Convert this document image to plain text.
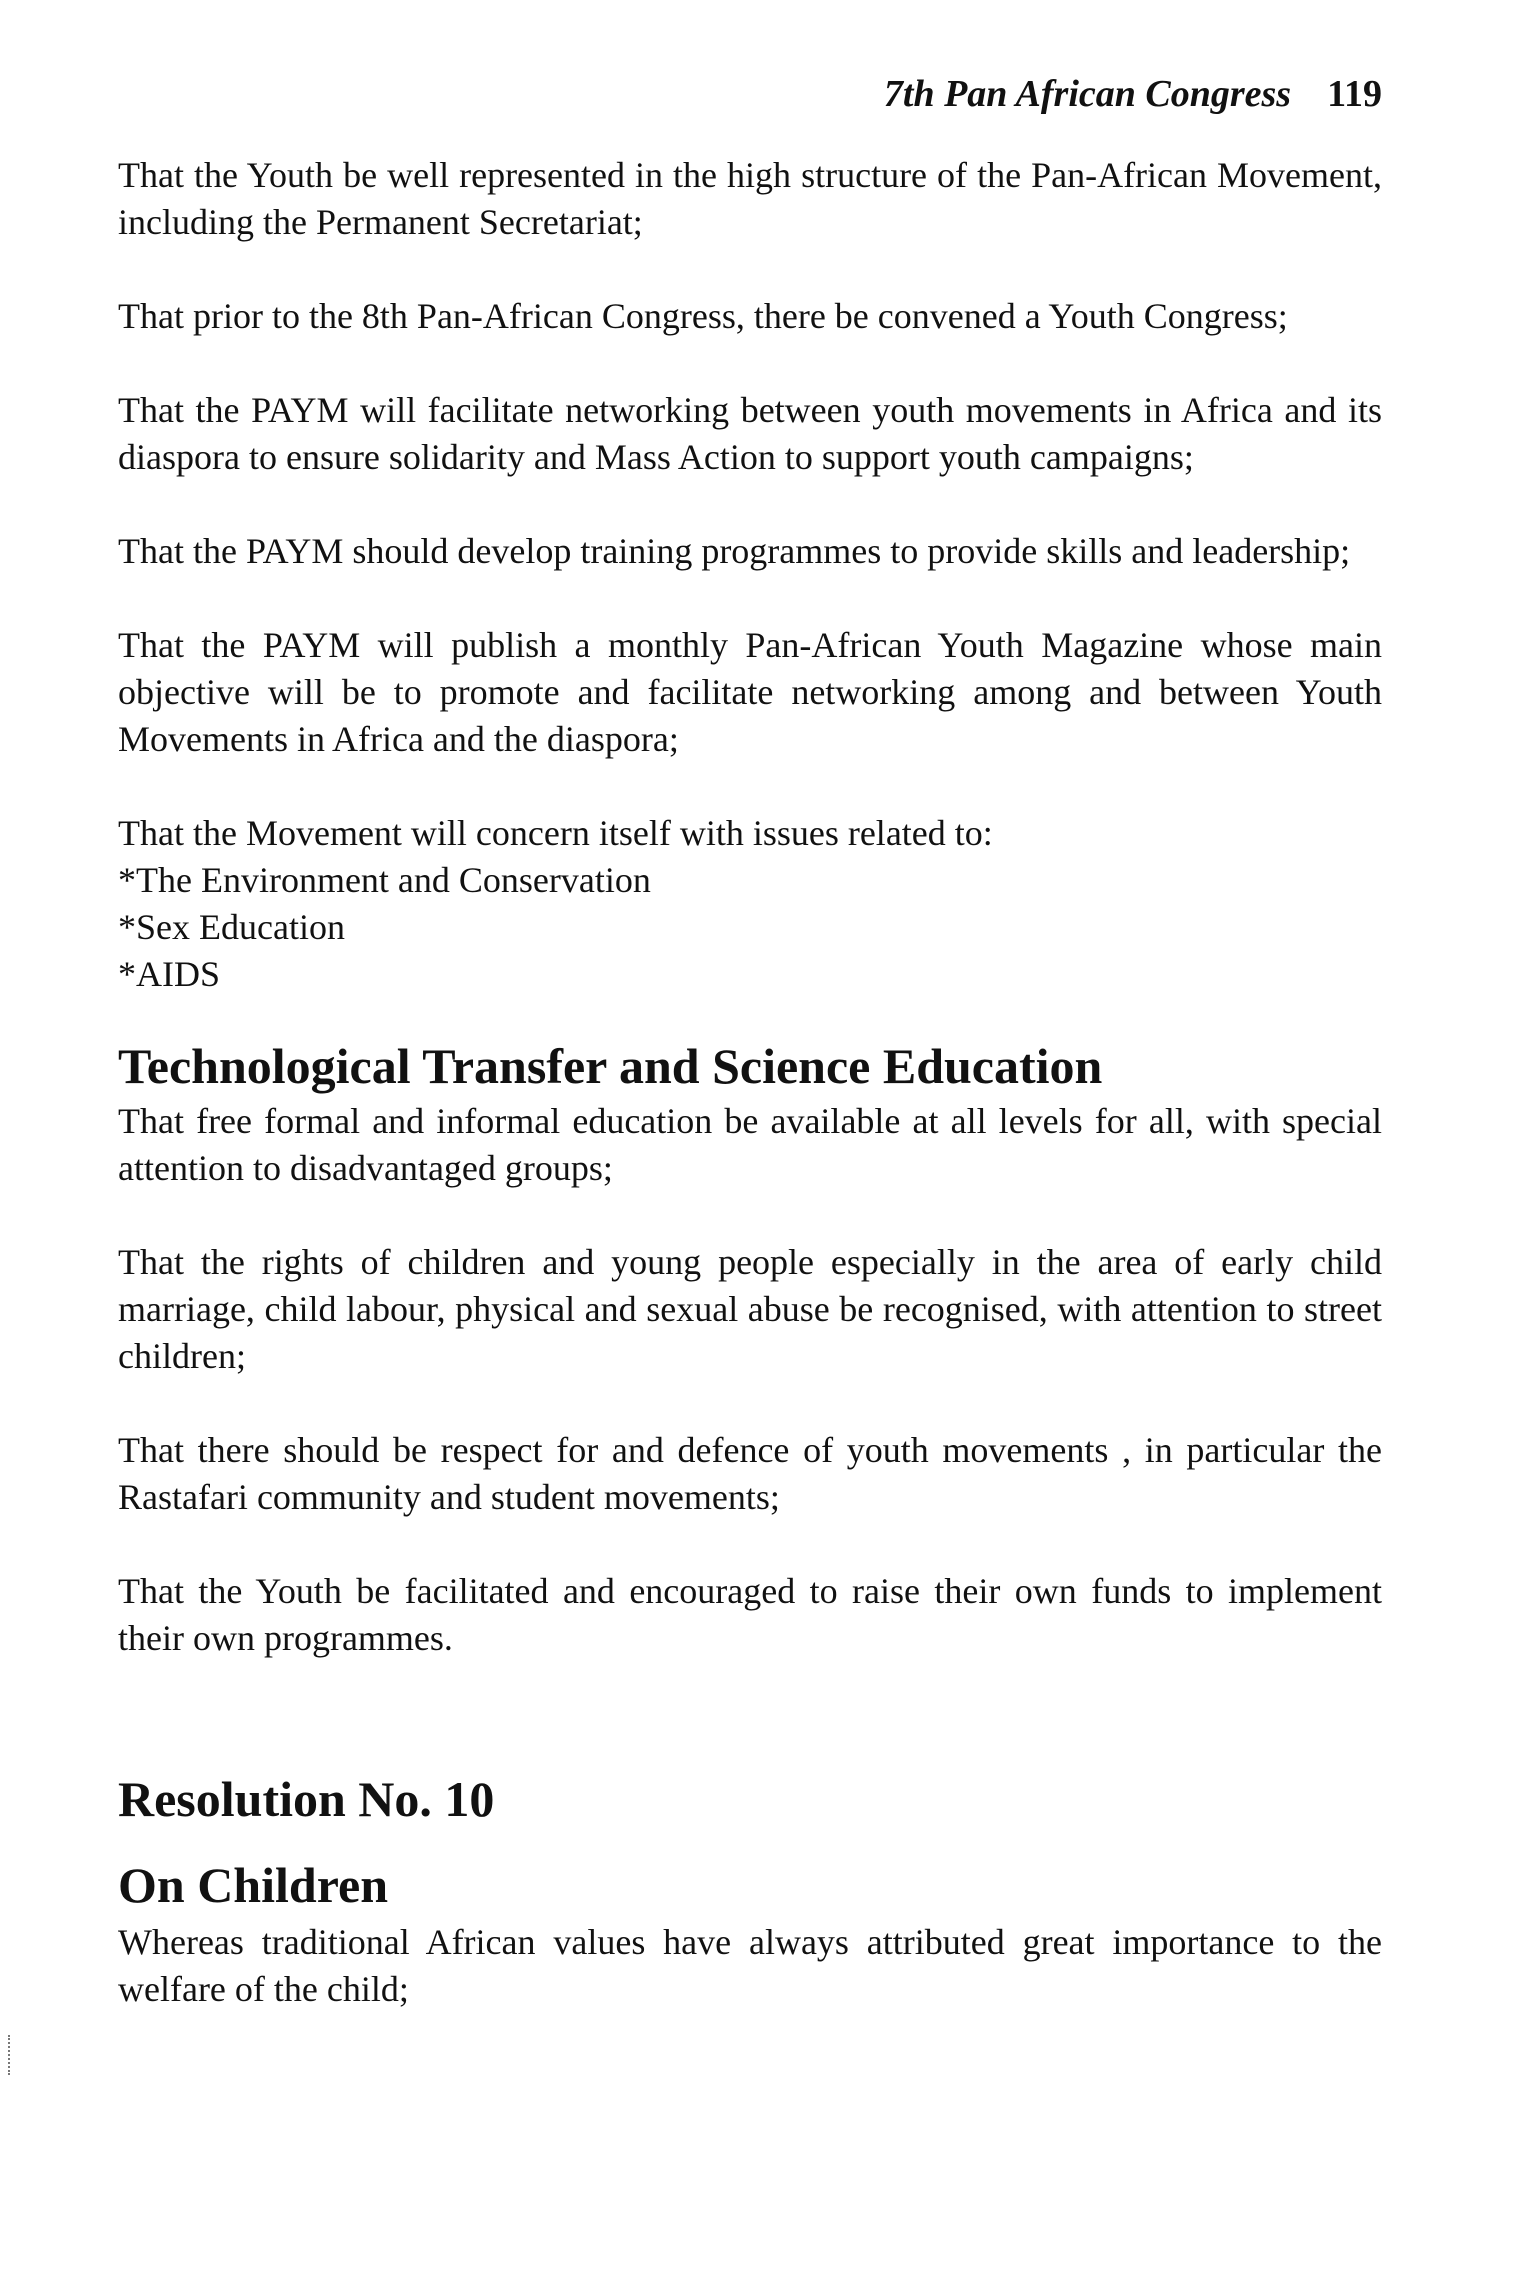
7th Pan African Congress 119

That the Youth be well represented in the high structure of the Pan-African Movement, including the Permanent Secretariat;

That prior to the 8th Pan-African Congress, there be convened a Youth Congress;

That the PAYM will facilitate networking between youth movements in Africa and its diaspora to ensure solidarity and Mass Action to support youth campaigns;

That the PAYM should develop training programmes to provide skills and leadership;

That the PAYM will publish a monthly Pan-African Youth Magazine whose main objective will be to promote and facilitate networking among and between Youth Movements in Africa and the diaspora;

That the Movement will concern itself with issues related to:
*The Environment and Conservation
*Sex Education
*AIDS
Technological Transfer and Science Education

That free formal and informal education be available at all levels for all, with special attention to disadvantaged groups;

That the rights of children and young people especially in the area of early child marriage, child labour, physical and sexual abuse be recognised, with attention to street children;

That there should be respect for and defence of youth movements , in particular the Rastafari community and student movements;

That the Youth be facilitated and encouraged to raise their own funds to implement their own programmes.

Resolution No. 10
On Children

Whereas traditional African values have always attributed great importance to the welfare of the child;
